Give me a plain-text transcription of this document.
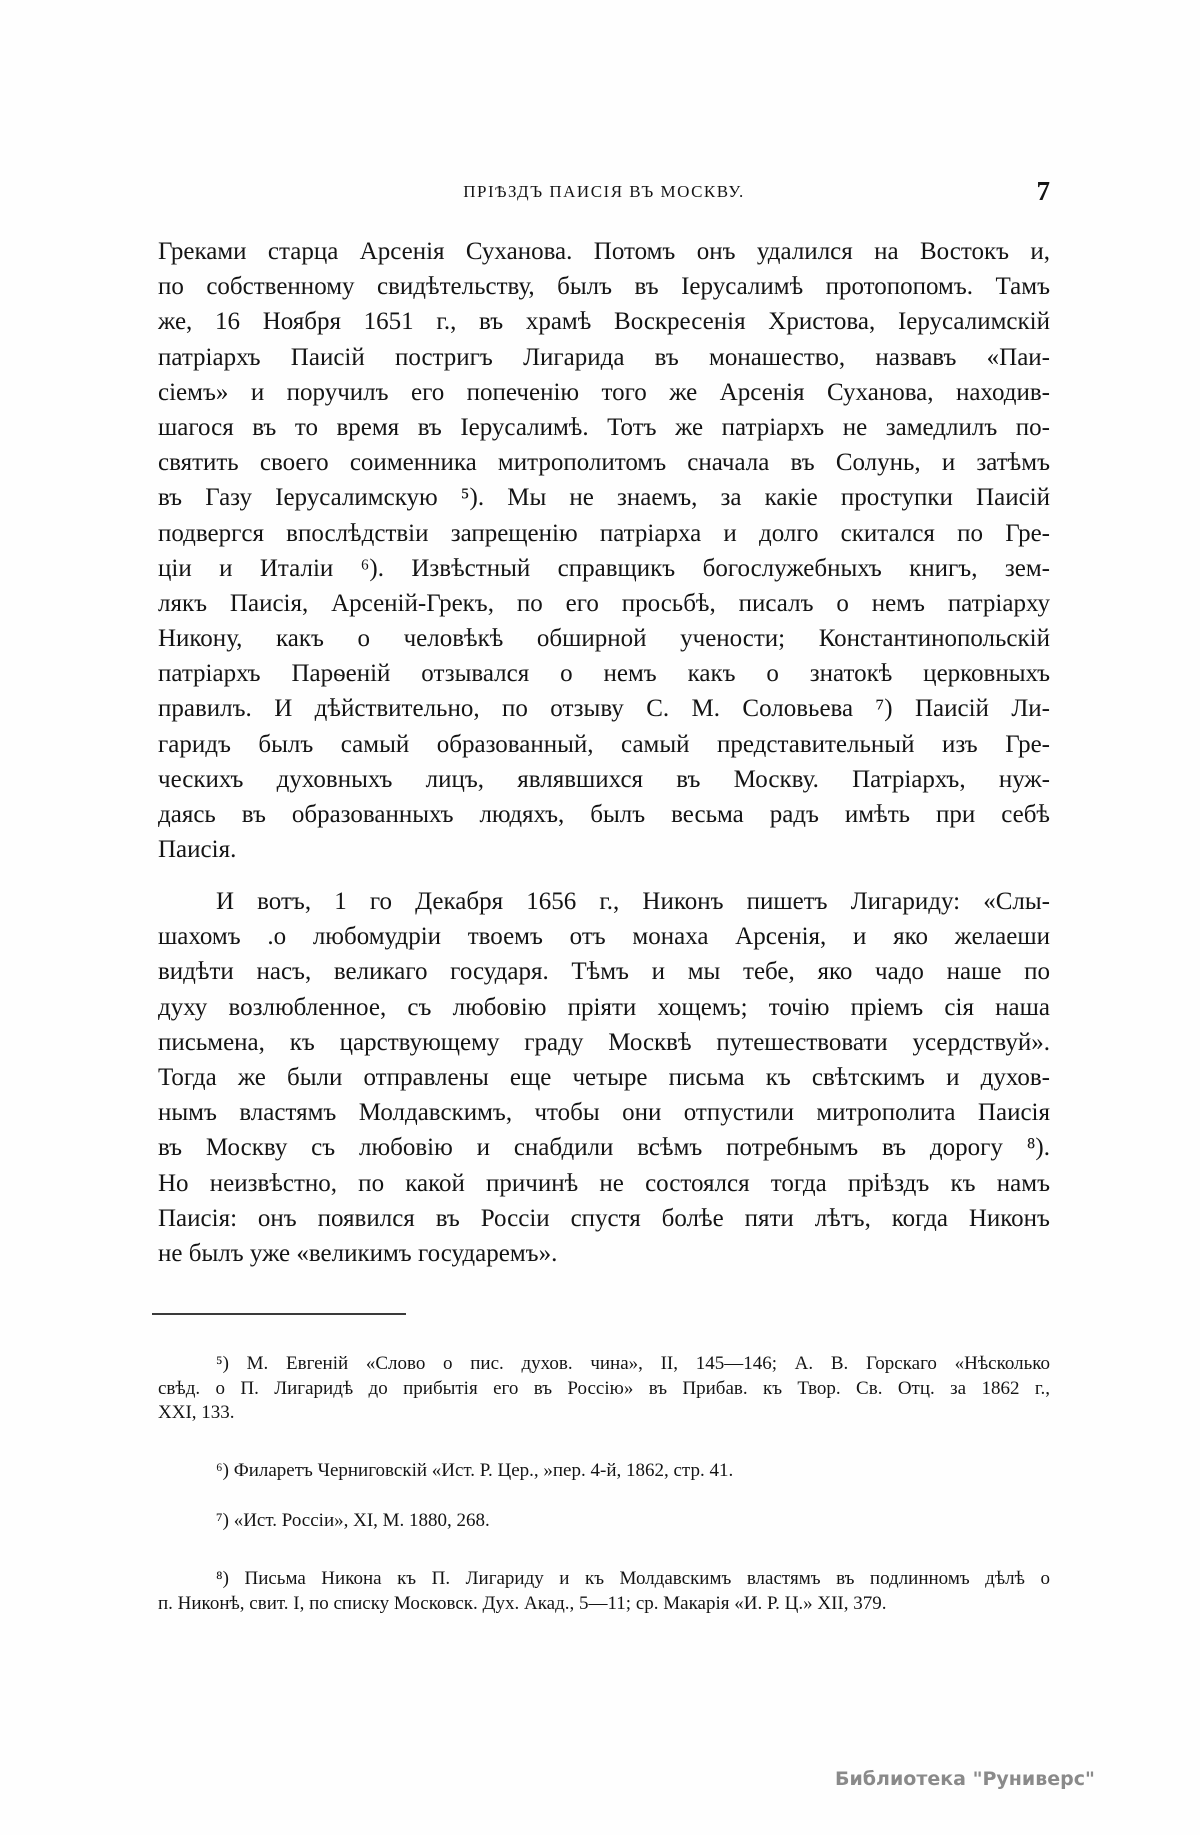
ПРІѢЗДЪ ПАИСІЯ ВЪ МОСКВУ.	7
Греками старца Арсенія Суханова. Потомъ онъ удалился на Востокъ и,
по собственному свидѣтельству, былъ въ Іерусалимѣ протопопомъ. Тамъ
же, 16 Ноября 1651 г., въ храмѣ Воскресенія Христова, Іерусалимскій
патріархъ Паисій постригъ Лигарида въ монашество, назвавъ «Паи-
сіемъ» и поручилъ его попеченію того же Арсенія Суханова, находив-
шагося въ то время въ Іерусалимѣ. Тотъ же патріархъ не замедлилъ по-
святить своего соименника митрополитомъ сначала въ Солунь, и затѣмъ
въ Газу Іерусалимскую ⁵). Мы не знаемъ, за какіе проступки Паисій
подвергся впослѣдствіи запрещенію патріарха и долго скитался по Гре-
ціи и Италіи ⁶). Извѣстный справщикъ богослужебныхъ книгъ, зем-
лякъ Паисія, Арсеній-Грекъ, по его просьбѣ, писалъ о немъ патріарху
Никону, какъ о человѣкѣ обширной учености; Константинопольскій
патріархъ Парѳеній отзывался о немъ какъ о знатокѣ церковныхъ
правилъ. И дѣйствительно, по отзыву С. М. Соловьева ⁷) Паисій Ли-
гаридъ былъ самый образованный, самый представительный изъ Гре-
ческихъ духовныхъ лицъ, являвшихся въ Москву. Патріархъ, нуж-
даясь въ образованныхъ людяхъ, былъ весьма радъ имѣть при себѣ
Паисія.
И вотъ, 1 го Декабря 1656 г., Никонъ пишетъ Лигариду: «Слы-
шахомъ .о любомудріи твоемъ отъ монаха Арсенія, и яко желаеши
видѣти насъ, великаго государя. Тѣмъ и мы тебе, яко чадо наше по
духу возлюбленное, съ любовію пріяти хощемъ; точію пріемъ сія наша
письмена, къ царствующему граду Москвѣ путешествовати усердствуй».
Тогда же были отправлены еще четыре письма къ свѣтскимъ и духов-
нымъ властямъ Молдавскимъ, чтобы они отпустили митрополита Паисія
въ Москву съ любовію и снабдили всѣмъ потребнымъ въ дорогу ⁸).
Но неизвѣстно, по какой причинѣ не состоялся тогда пріѣздъ къ намъ
Паисія: онъ появился въ Россіи спустя болѣе пяти лѣтъ, когда Никонъ
не былъ уже «великимъ государемъ».
⁵) М. Евгеній «Слово о пис. духов. чина», II, 145—146; А. В. Горскаго «Нѣсколько
свѣд. о П. Лигаридѣ до прибытія его въ Россію» въ Прибав. къ Твор. Св. Отц. за 1862 г.,
XXI, 133.
⁶) Филаретъ Черниговскій «Ист. Р. Цер., »пер. 4-й, 1862, стр. 41.
⁷) «Ист. Россіи», XI, М. 1880, 268.
⁸) Письма Никона къ П. Лигариду и къ Молдавскимъ властямъ въ подлинномъ дѣлѣ о
п. Никонѣ, свит. I, по списку Московск. Дух. Акад., 5—11; ср. Макарія «И. Р. Ц.» XII, 379.
Библиотека "Руниверс"
